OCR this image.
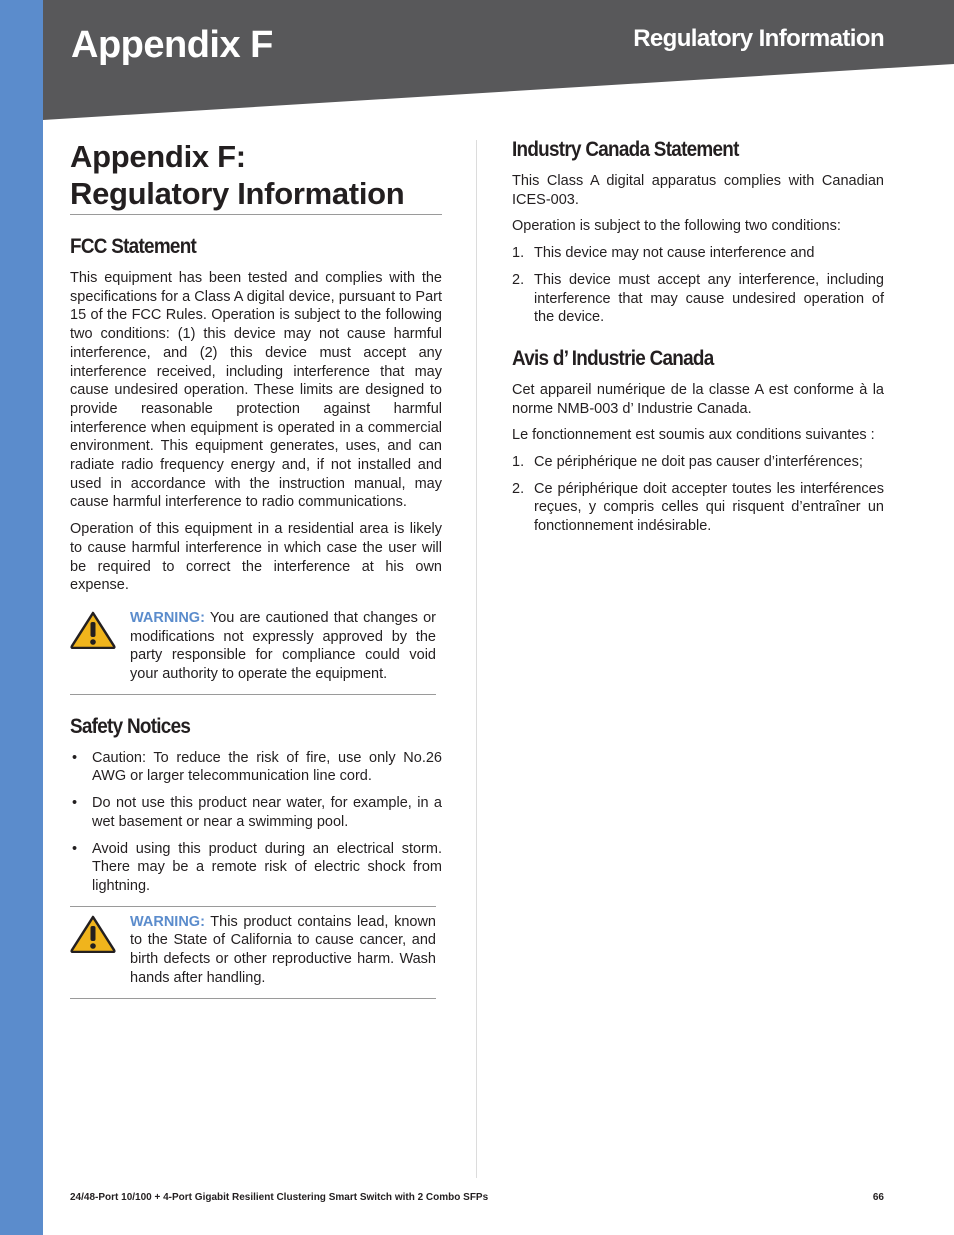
Appendix F	Regulatory Information
Appendix F:
Regulatory Information
FCC Statement

This equipment has been tested and complies with the specifications for a Class A digital device, pursuant to Part 15 of the FCC Rules. Operation is subject to the following two conditions: (1) this device may not cause harmful interference, and (2) this device must accept any interference received, including interference that may cause undesired operation. These limits are designed to provide reasonable protection against harmful interference when equipment is operated in a commercial environment. This equipment generates, uses, and can radiate radio frequency energy and, if not installed and used in accordance with the instruction manual, may cause harmful interference to radio communications.

Operation of this equipment in a residential area is likely to cause harmful interference in which case the user will be required to correct the interference at his own expense.

WARNING: You are cautioned that changes or modifications not expressly approved by the party responsible for compliance could void your authority to operate the equipment.

Safety Notices
• Caution: To reduce the risk of fire, use only No.26 AWG or larger telecommunication line cord.
• Do not use this product near water, for example, in a wet basement or near a swimming pool.
• Avoid using this product during an electrical storm. There may be a remote risk of electric shock from lightning.

WARNING: This product contains lead, known to the State of California to cause cancer, and birth defects or other reproductive harm. Wash hands after handling.

Industry Canada Statement

This Class A digital apparatus complies with Canadian ICES-003.

Operation is subject to the following two conditions:

1. This device may not cause interference and
2. This device must accept any interference, including interference that may cause undesired operation of the device.
Avis d’ Industrie Canada

Cet appareil numérique de la classe A est conforme à la norme NMB-003 d’ Industrie Canada.

Le fonctionnement est soumis aux conditions suivantes :

1. Ce périphérique ne doit pas causer d’interférences;
2. Ce périphérique doit accepter toutes les interférences reçues, y compris celles qui risquent d’entraîner un fonctionnement indésirable.
24/48-Port 10/100 + 4-Port Gigabit Resilient Clustering Smart Switch with 2 Combo SFPs	66
